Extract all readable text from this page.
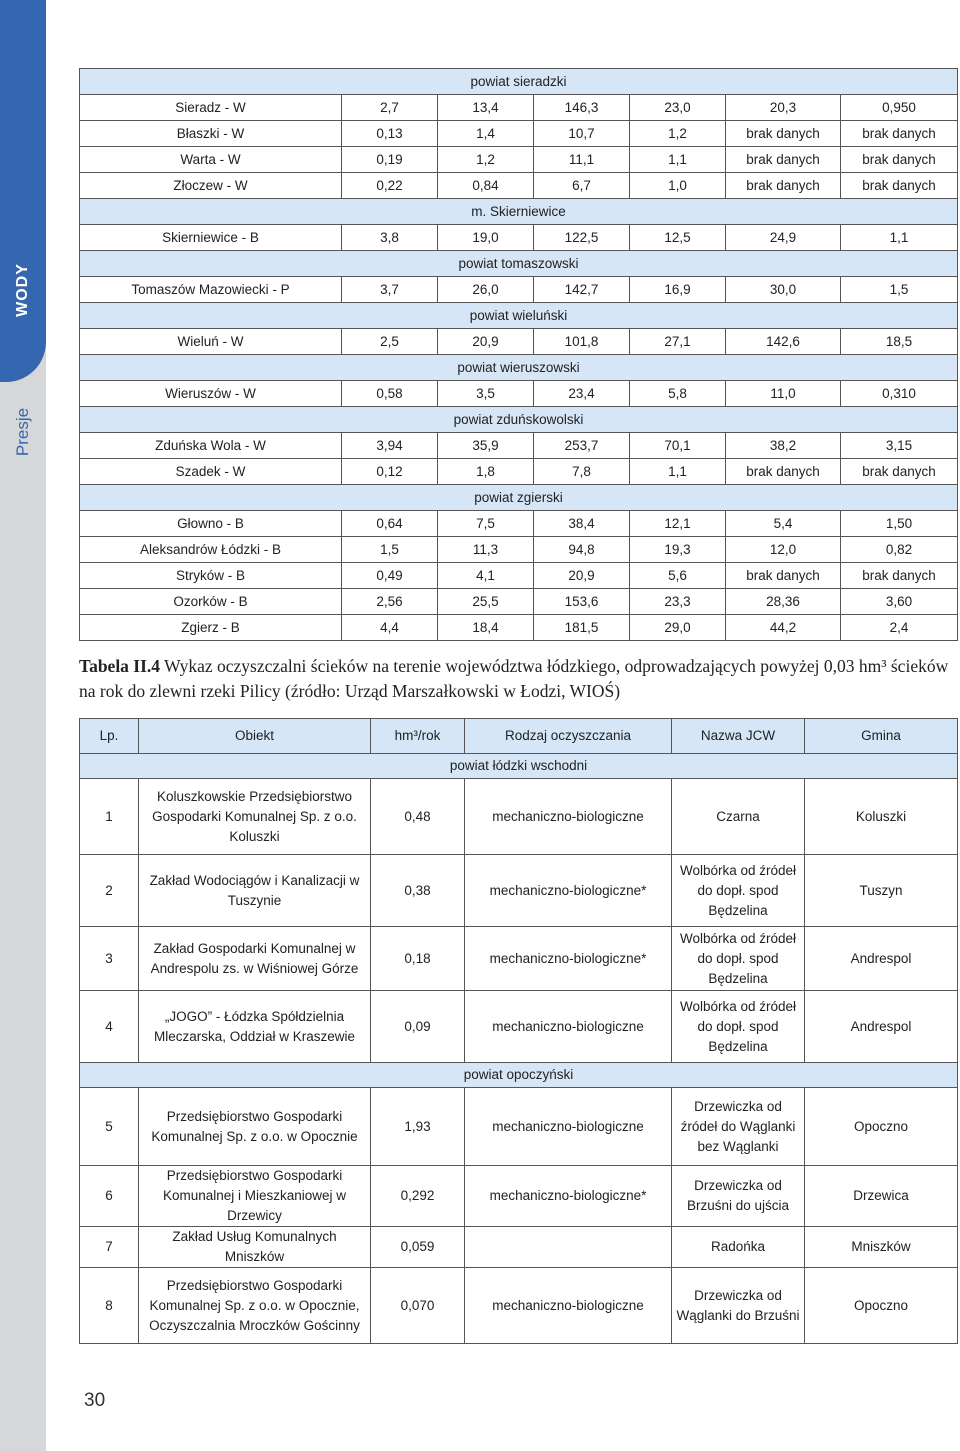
WODY
Presje
powiat sieradzki						
Sieradz - W	2,7	13,4	146,3	23,0	20,3	0,950
Błaszki - W	0,13	1,4	10,7	1,2	brak danych	brak danych
Warta - W	0,19	1,2	11,1	1,1	brak danych	brak danych
Złoczew - W	0,22	0,84	6,7	1,0	brak danych	brak danych
m. Skierniewice						
Skierniewice - B	3,8	19,0	122,5	12,5	24,9	1,1
powiat tomaszowski						
Tomaszów Mazowiecki - P	3,7	26,0	142,7	16,9	30,0	1,5
powiat wieluński						
Wieluń - W	2,5	20,9	101,8	27,1	142,6	18,5
powiat wieruszowski						
Wieruszów - W	0,58	3,5	23,4	5,8	11,0	0,310
powiat zduńskowolski						
Zduńska Wola - W	3,94	35,9	253,7	70,1	38,2	3,15
Szadek - W	0,12	1,8	7,8	1,1	brak danych	brak danych
powiat zgierski						
Głowno - B	0,64	7,5	38,4	12,1	5,4	1,50
Aleksandrów Łódzki - B	1,5	11,3	94,8	19,3	12,0	0,82
Stryków - B	0,49	4,1	20,9	5,6	brak danych	brak danych
Ozorków - B	2,56	25,5	153,6	23,3	28,36	3,60
Zgierz - B	4,4	18,4	181,5	29,0	44,2	2,4
Tabela II.4 Wykaz oczyszczalni ścieków na terenie województwa łódzkiego, odprowadzających powyżej 0,03 hm³ ścieków na rok do zlewni rzeki Pilicy (źródło: Urząd Marszałkowski w Łodzi, WIOŚ)
Lp.	Obiekt	hm³/rok	Rodzaj oczyszczania	Nazwa JCW	Gmina
powiat łódzki wschodni					
1	Koluszkowskie Przedsiębiorstwo Gospodarki Komunalnej Sp. z o.o. Koluszki	0,48	mechaniczno-biologiczne	Czarna	Koluszki
2	Zakład Wodociągów i Kanalizacji w Tuszynie	0,38	mechaniczno-biologiczne*	Wolbórka od źródeł do dopł. spod Będzelina	Tuszyn
3	Zakład Gospodarki Komunalnej w Andrespolu zs. w Wiśniowej Górze	0,18	mechaniczno-biologiczne*	Wolbórka od źródeł do dopł. spod Będzelina	Andrespol
4	„JOGO” - Łódzka Spółdzielnia Mleczarska, Oddział w Kraszewie	0,09	mechaniczno-biologiczne	Wolbórka od źródeł do dopł. spod Będzelina	Andrespol
powiat opoczyński					
5	Przedsiębiorstwo Gospodarki Komunalnej Sp. z o.o. w Opocznie	1,93	mechaniczno-biologiczne	Drzewiczka od źródeł do Wąglanki bez Wąglanki	Opoczno
6	Przedsiębiorstwo Gospodarki Komunalnej i Mieszkaniowej w Drzewicy	0,292	mechaniczno-biologiczne*	Drzewiczka od Brzuśni do ujścia	Drzewica
7	Zakład Usług Komunalnych Mniszków	0,059		Radońka	Mniszków
8	Przedsiębiorstwo Gospodarki Komunalnej Sp. z o.o. w Opocznie, Oczyszczalnia Mroczków Gościnny	0,070	mechaniczno-biologiczne	Drzewiczka od Wąglanki do Brzuśni	Opoczno
30
